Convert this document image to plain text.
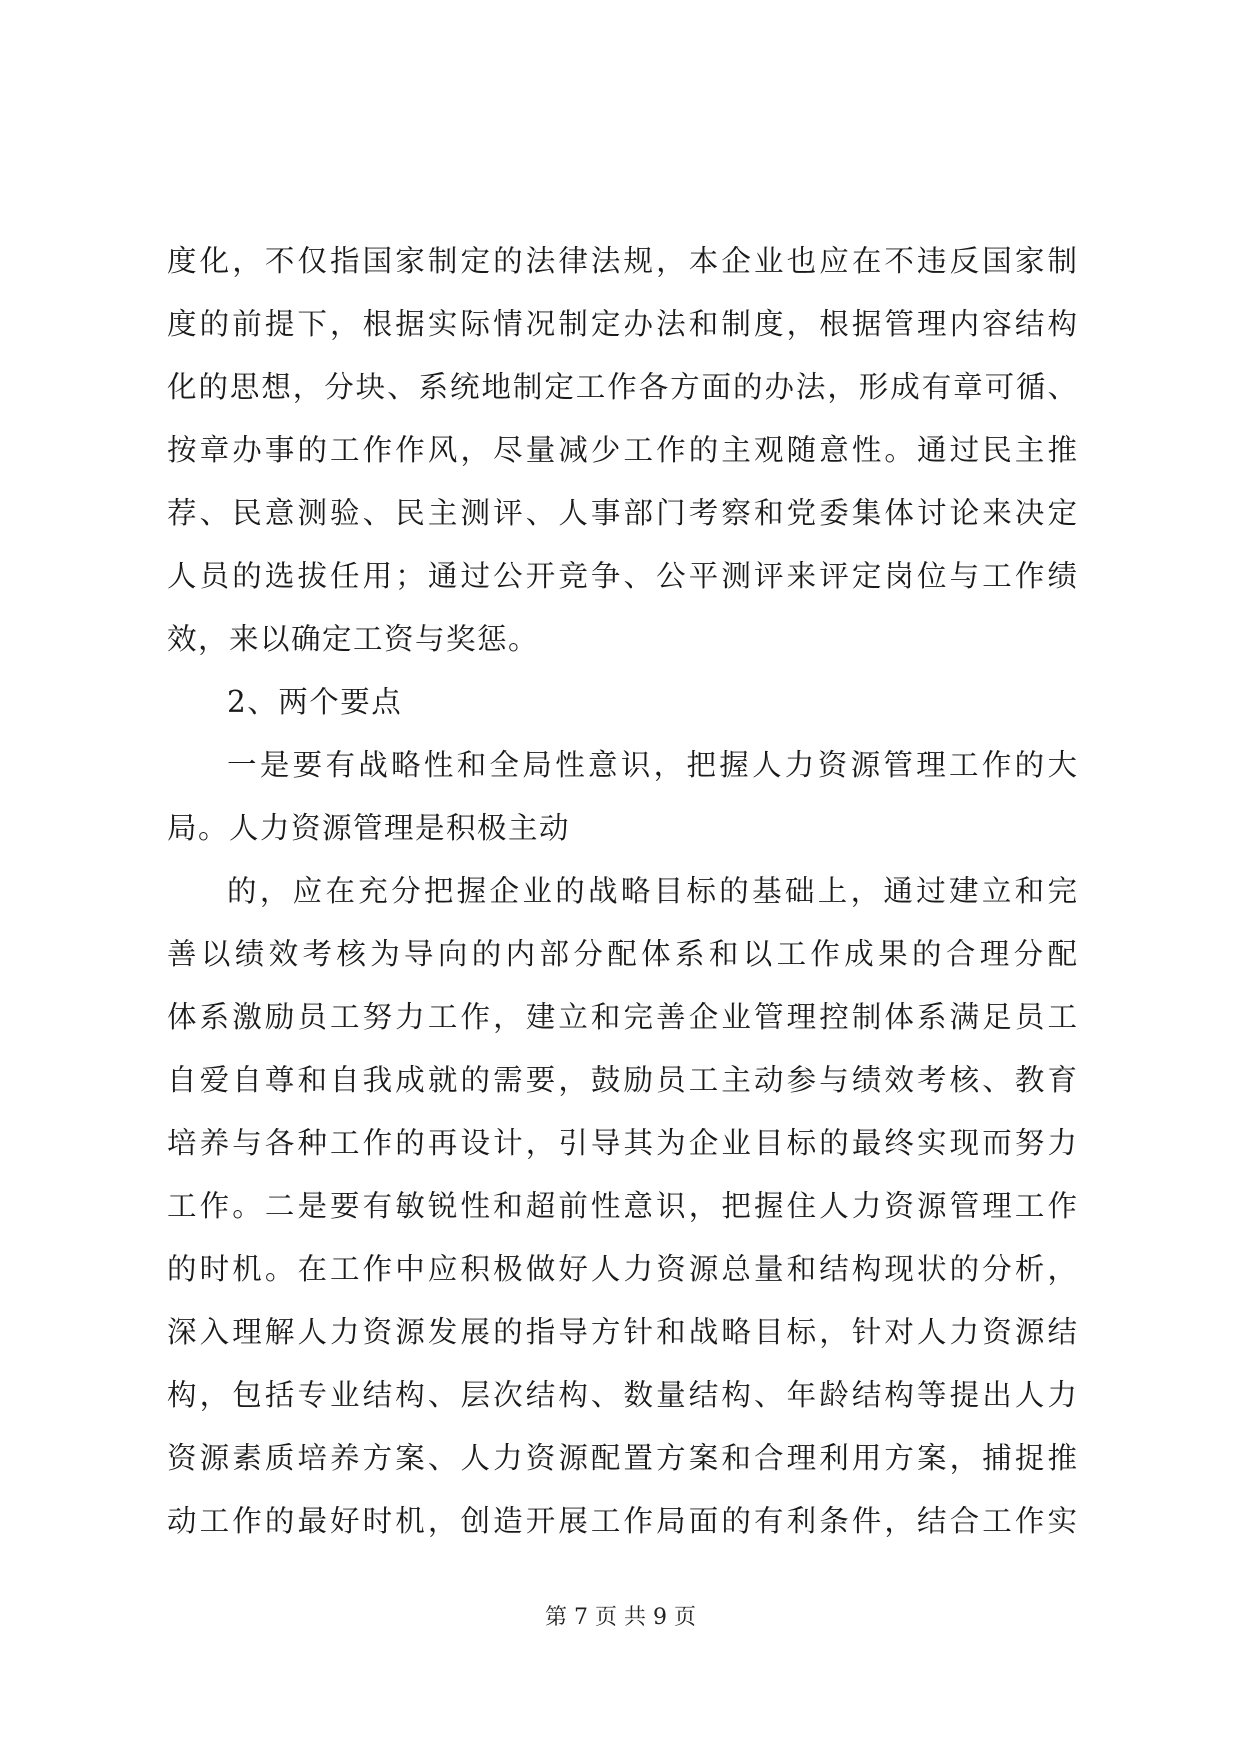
度化，不仅指国家制定的法律法规，本企业也应在不违反国家制
度的前提下，根据实际情况制定办法和制度，根据管理内容结构
化的思想，分块、系统地制定工作各方面的办法，形成有章可循、
按章办事的工作作风，尽量减少工作的主观随意性。通过民主推
荐、民意测验、民主测评、人事部门考察和党委集体讨论来决定
人员的选拔任用；通过公开竞争、公平测评来评定岗位与工作绩
效，来以确定工资与奖惩。
2、两个要点
一是要有战略性和全局性意识，把握人力资源管理工作的大
局。人力资源管理是积极主动
的，应在充分把握企业的战略目标的基础上，通过建立和完
善以绩效考核为导向的内部分配体系和以工作成果的合理分配
体系激励员工努力工作，建立和完善企业管理控制体系满足员工
自爱自尊和自我成就的需要，鼓励员工主动参与绩效考核、教育
培养与各种工作的再设计，引导其为企业目标的最终实现而努力
工作。二是要有敏锐性和超前性意识，把握住人力资源管理工作
的时机。在工作中应积极做好人力资源总量和结构现状的分析，
深入理解人力资源发展的指导方针和战略目标，针对人力资源结
构，包括专业结构、层次结构、数量结构、年龄结构等提出人力
资源素质培养方案、人力资源配置方案和合理利用方案，捕捉推
动工作的最好时机，创造开展工作局面的有利条件，结合工作实
第 7 页 共 9 页
